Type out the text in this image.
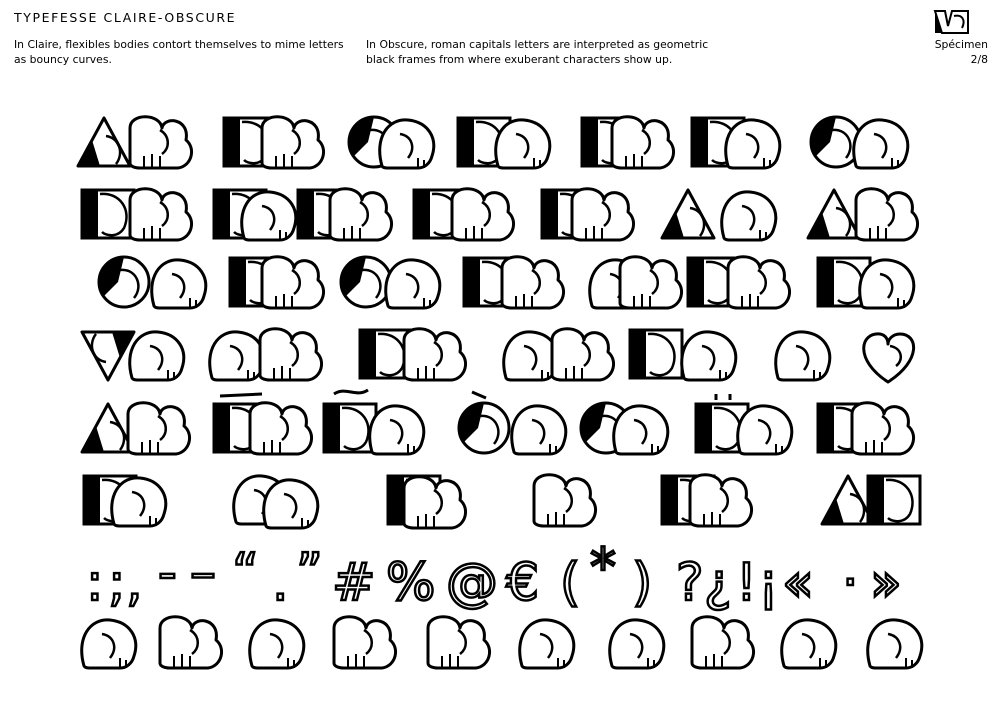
TYPEFESSE CLAIRE-OBSCURE
In Claire, flexibles bodies contort themselves to mime letters as bouncy curves.
In Obscure, roman capitals letters are interpreted as geometric black frames from where exuberant characters show up.
Spécimen
2/8
: ; , - – “ . ” # % @ € ( * ) ? ¿ ! ¡ « · »
